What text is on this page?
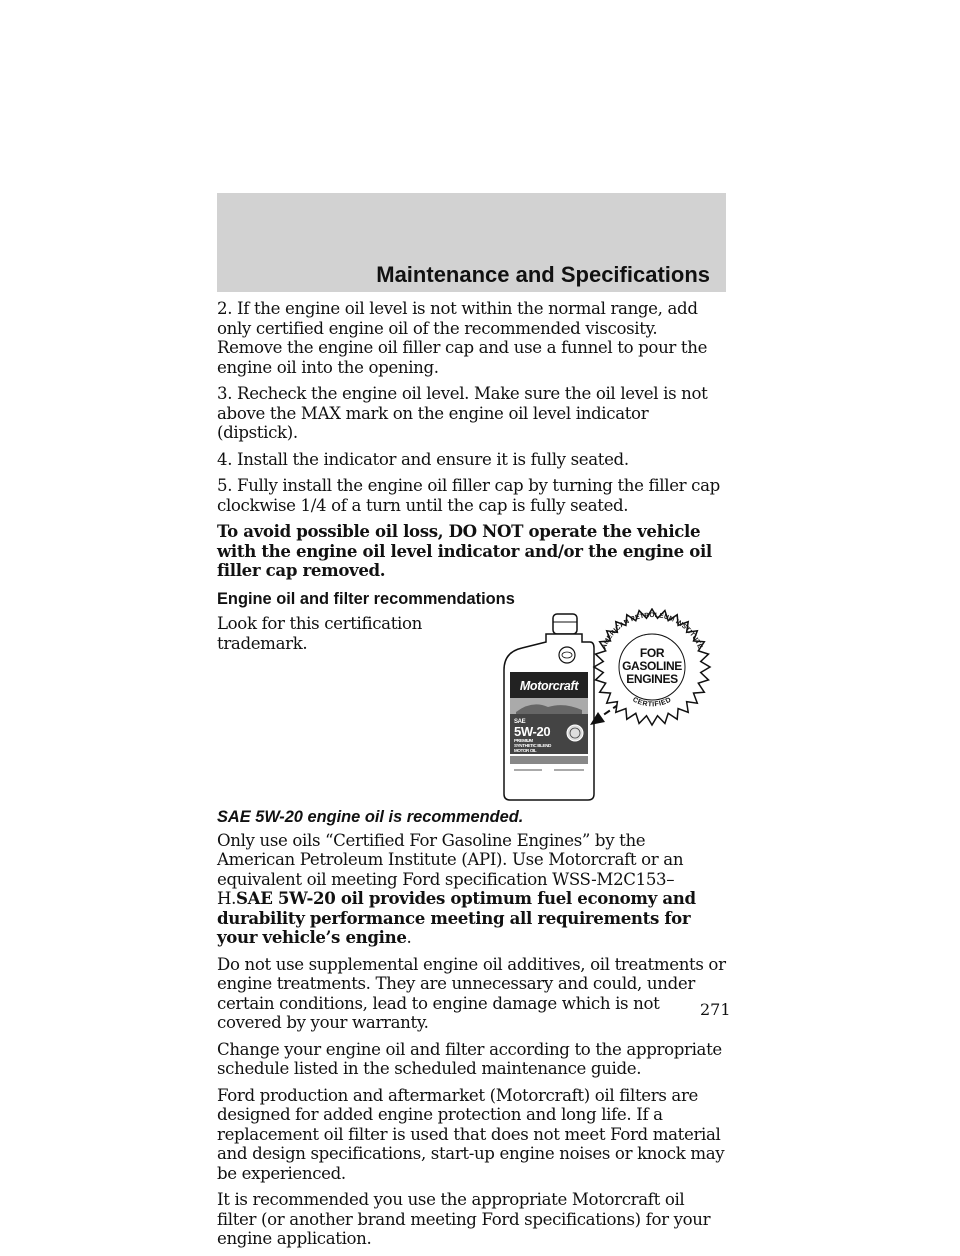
Maintenance and Specifications

2. If the engine oil level is not within the normal range, add only certified engine oil of the recommended viscosity. Remove the engine oil filler cap and use a funnel to pour the engine oil into the opening.

3. Recheck the engine oil level. Make sure the oil level is not above the MAX mark on the engine oil level indicator (dipstick).

4. Install the indicator and ensure it is fully seated.

5. Fully install the engine oil filler cap by turning the filler cap clockwise 1/4 of a turn until the cap is fully seated.

To avoid possible oil loss, DO NOT operate the vehicle with the engine oil level indicator and/or the engine oil filler cap removed.

Engine oil and filter recommendations

Look for this certification trademark.

Motorcraft
SAE
5W-20
PREMIUM
SYNTHETIC BLEND
MOTOR OIL
AMERICAN PETROLEUM INSTITUTE
CERTIFIED
FOR
GASOLINE
ENGINES
SAE 5W-20 engine oil is recommended.

Only use oils “Certified For Gasoline Engines” by the American Petroleum Institute (API). Use Motorcraft or an equivalent oil meeting Ford specification WSS-M2C153–H.SAE 5W-20 oil provides optimum fuel economy and durability performance meeting all requirements for your vehicle’s engine.

Do not use supplemental engine oil additives, oil treatments or engine treatments. They are unnecessary and could, under certain conditions, lead to engine damage which is not covered by your warranty.

Change your engine oil and filter according to the appropriate schedule listed in the scheduled maintenance guide.

Ford production and aftermarket (Motorcraft) oil filters are designed for added engine protection and long life. If a replacement oil filter is used that does not meet Ford material and design specifications, start-up engine noises or knock may be experienced.

It is recommended you use the appropriate Motorcraft oil filter (or another brand meeting Ford specifications) for your engine application.

271
